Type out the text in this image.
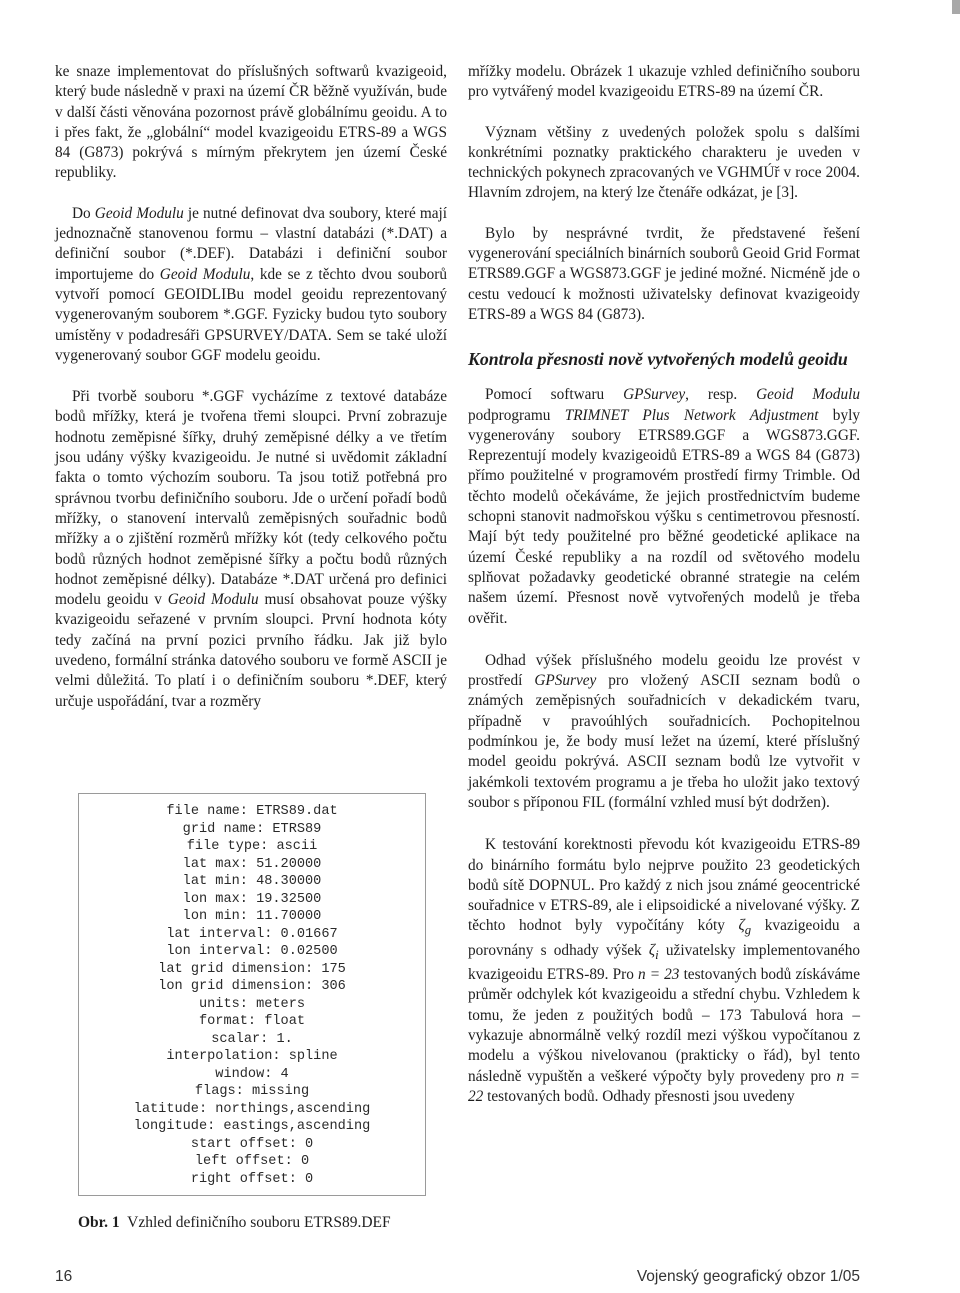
ke snaze implementovat do příslušných softwarů kvazigeoid, který bude následně v praxi na území ČR běžně využíván, bude v další části věnována pozornost právě globálnímu geoidu. A to i přes fakt, že „globální“ model kvazigeoidu ETRS-89 a WGS 84 (G873) pokrývá s mírným překrytem jen území České republiky.

Do Geoid Modulu je nutné definovat dva soubory, které mají jednoznačně stanovenou formu – vlastní databázi (*.DAT) a definiční soubor (*.DEF). Databázi i definiční soubor importujeme do Geoid Modulu, kde se z těchto dvou souborů vytvoří pomocí GEOIDLIBu model geoidu reprezentovaný vygenerovaným souborem *.GGF. Fyzicky budou tyto soubory umístěny v podadresáři GPSURVEY/DATA. Sem se také uloží vygenerovaný soubor GGF modelu geoidu.

Při tvorbě souboru *.GGF vycházíme z textové databáze bodů mřížky, která je tvořena třemi sloupci. První zobrazuje hodnotu zeměpisné šířky, druhý zeměpisné délky a ve třetím jsou udány výšky kvazigeoidu. Je nutné si uvědomit základní fakta o tomto výchozím souboru. Ta jsou totiž potřebná pro správnou tvorbu definičního souboru. Jde o určení pořadí bodů mřížky, o stanovení intervalů zeměpisných souřadnic bodů mřížky a o zjištění rozměrů mřížky kót (tedy celkového počtu bodů různých hodnot zeměpisné šířky a počtu bodů různých hodnot zeměpisné délky). Databáze *.DAT určená pro definici modelu geoidu v Geoid Modulu musí obsahovat pouze výšky kvazigeoidu seřazené v prvním sloupci. První hodnota kóty tedy začíná na první pozici prvního řádku. Jak již bylo uvedeno, formální stránka datového souboru ve formě ASCII je velmi důležitá. To platí i o definičním souboru *.DEF, který určuje uspořádání, tvar a rozměry

file name: ETRS89.dat
grid name: ETRS89
file type: ascii
lat max: 51.20000
lat min: 48.30000
lon max: 19.32500
lon min: 11.70000
lat interval: 0.01667
lon interval: 0.02500
lat grid dimension: 175
lon grid dimension: 306
units: meters
format: float
scalar: 1.
interpolation: spline
window: 4
flags: missing
latitude: northings,ascending
longitude: eastings,ascending
start offset: 0
left offset: 0
right offset: 0
Obr. 1 Vzhled definičního souboru ETRS89.DEF

mřížky modelu. Obrázek 1 ukazuje vzhled definičního souboru pro vytvářený model kvazigeoidu ETRS-89 na území ČR.

Význam většiny z uvedených položek spolu s dalšími konkrétními poznatky praktického charakteru je uveden v technických pokynech zpracovaných ve VGHMÚř v roce 2004. Hlavním zdrojem, na který lze čtenáře odkázat, je [3].

Bylo by nesprávné tvrdit, že představené řešení vygenerování speciálních binárních souborů Geoid Grid Format ETRS89.GGF a WGS873.GGF je jediné možné. Nicméně jde o cestu vedoucí k možnosti uživatelsky definovat kvazigeoidy ETRS-89 a WGS 84 (G873).

Kontrola přesnosti nově vytvořených modelů geoidu

Pomocí softwaru GPSurvey, resp. Geoid Modulu podprogramu TRIMNET Plus Network Adjustment byly vygenerovány soubory ETRS89.GGF a WGS873.GGF. Reprezentují modely kvazigeoidů ETRS-89 a WGS 84 (G873) přímo použitelné v programovém prostředí firmy Trimble. Od těchto modelů očekáváme, že jejich prostřednictvím budeme schopni stanovit nadmořskou výšku s centimetrovou přesností. Mají být tedy použitelné pro běžné geodetické aplikace na území České republiky a na rozdíl od světového modelu splňovat požadavky geodetické obranné strategie na celém našem území. Přesnost nově vytvořených modelů je třeba ověřit.

Odhad výšek příslušného modelu geoidu lze provést v prostředí GPSurvey pro vložený ASCII seznam bodů o známých zeměpisných souřadnicích v dekadickém tvaru, případně v pravoúhlých souřadnicích. Pochopitelnou podmínkou je, že body musí ležet na území, které příslušný model geoidu pokrývá. ASCII seznam bodů lze vytvořit v jakémkoli textovém programu a je třeba ho uložit jako textový soubor s příponou FIL (formální vzhled musí být dodržen).

K testování korektnosti převodu kót kvazigeoidu ETRS-89 do binárního formátu bylo nejprve použito 23 geodetických bodů sítě DOPNUL. Pro každý z nich jsou známé geocentrické souřadnice v ETRS-89, ale i elipsoidické a nivelované výšky. Z těchto hodnot byly vypočítány kóty $\zeta_g$ kvazigeoidu a porovnány s odhady výšek $\zeta_i$ uživatelsky implementovaného kvazigeoidu ETRS-89. Pro n = 23 testovaných bodů získáváme průměr odchylek kót kvazigeoidu a střední chybu. Vzhledem k tomu, že jeden z použitých bodů – 173 Tabulová hora – vykazuje abnormálně velký rozdíl mezi výškou vypočítanou z modelu a výškou nivelovanou (prakticky o řád), byl tento následně vypuštěn a veškeré výpočty byly provedeny pro n = 22 testovaných bodů. Odhady přesnosti jsou uvedeny

16	Vojenský geografický obzor 1/05
